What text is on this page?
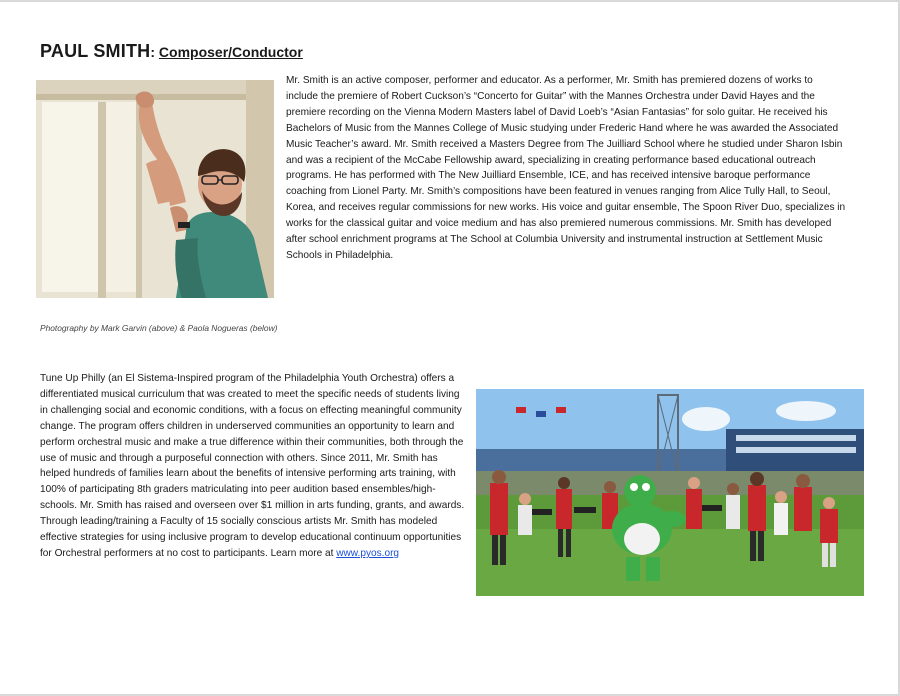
PAUL SMITH: Composer/Conductor

Mr. Smith is an active composer, performer and educator. As a performer, Mr. Smith has premiered dozens of works to include the premiere of Robert Cuckson’s “Concerto for Guitar” with the Mannes Orchestra under David Hayes and the premiere recording on the Vienna Modern Masters label of David Loeb’s “Asian Fantasias” for solo guitar. He received his Bachelors of Music from the Mannes College of Music studying under Frederic Hand where he was awarded the Associated Music Teacher’s award. Mr. Smith received a Masters Degree from The Juilliard School where he studied under Sharon Isbin and was a recipient of the McCabe Fellowship award, specializing in creating performance based educational outreach programs. He has performed with The New Juilliard Ensemble, ICE, and has received intensive baroque performance coaching from Lionel Party. Mr. Smith’s compositions have been featured in venues ranging from Alice Tully Hall, to Seoul, Korea, and receives regular commissions for new works. His voice and guitar ensemble, The Spoon River Duo, specializes in works for the classical guitar and voice medium and has also premiered numerous commissions. Mr. Smith has developed after school enrichment programs at The School at Columbia University and instrumental instruction at Settlement Music Schools in Philadelphia.

Photography by Mark Garvin (above) & Paola Nogueras (below)

Tune Up Philly (an El Sistema-Inspired program of the Philadelphia Youth Orchestra) offers a differentiated musical curriculum that was created to meet the specific needs of students living in challenging social and economic conditions, with a focus on effecting meaningful community change. The program offers children in underserved communities an opportunity to learn and perform orchestral music and make a true difference within their communities, both through the use of music and through a purposeful connection with others. Since 2011, Mr. Smith has helped hundreds of families learn about the benefits of intensive performing arts training, with 100% of participating 8th graders matriculating into peer audition based ensembles/high-schools. Mr. Smith has raised and overseen over $1 million in arts funding, grants, and awards. Through leading/training a Faculty of 15 socially conscious artists Mr. Smith has modeled effective strategies for using inclusive program to develop educational continuum opportunities for Orchestral performers at no cost to participants. Learn more at www.pyos.org
